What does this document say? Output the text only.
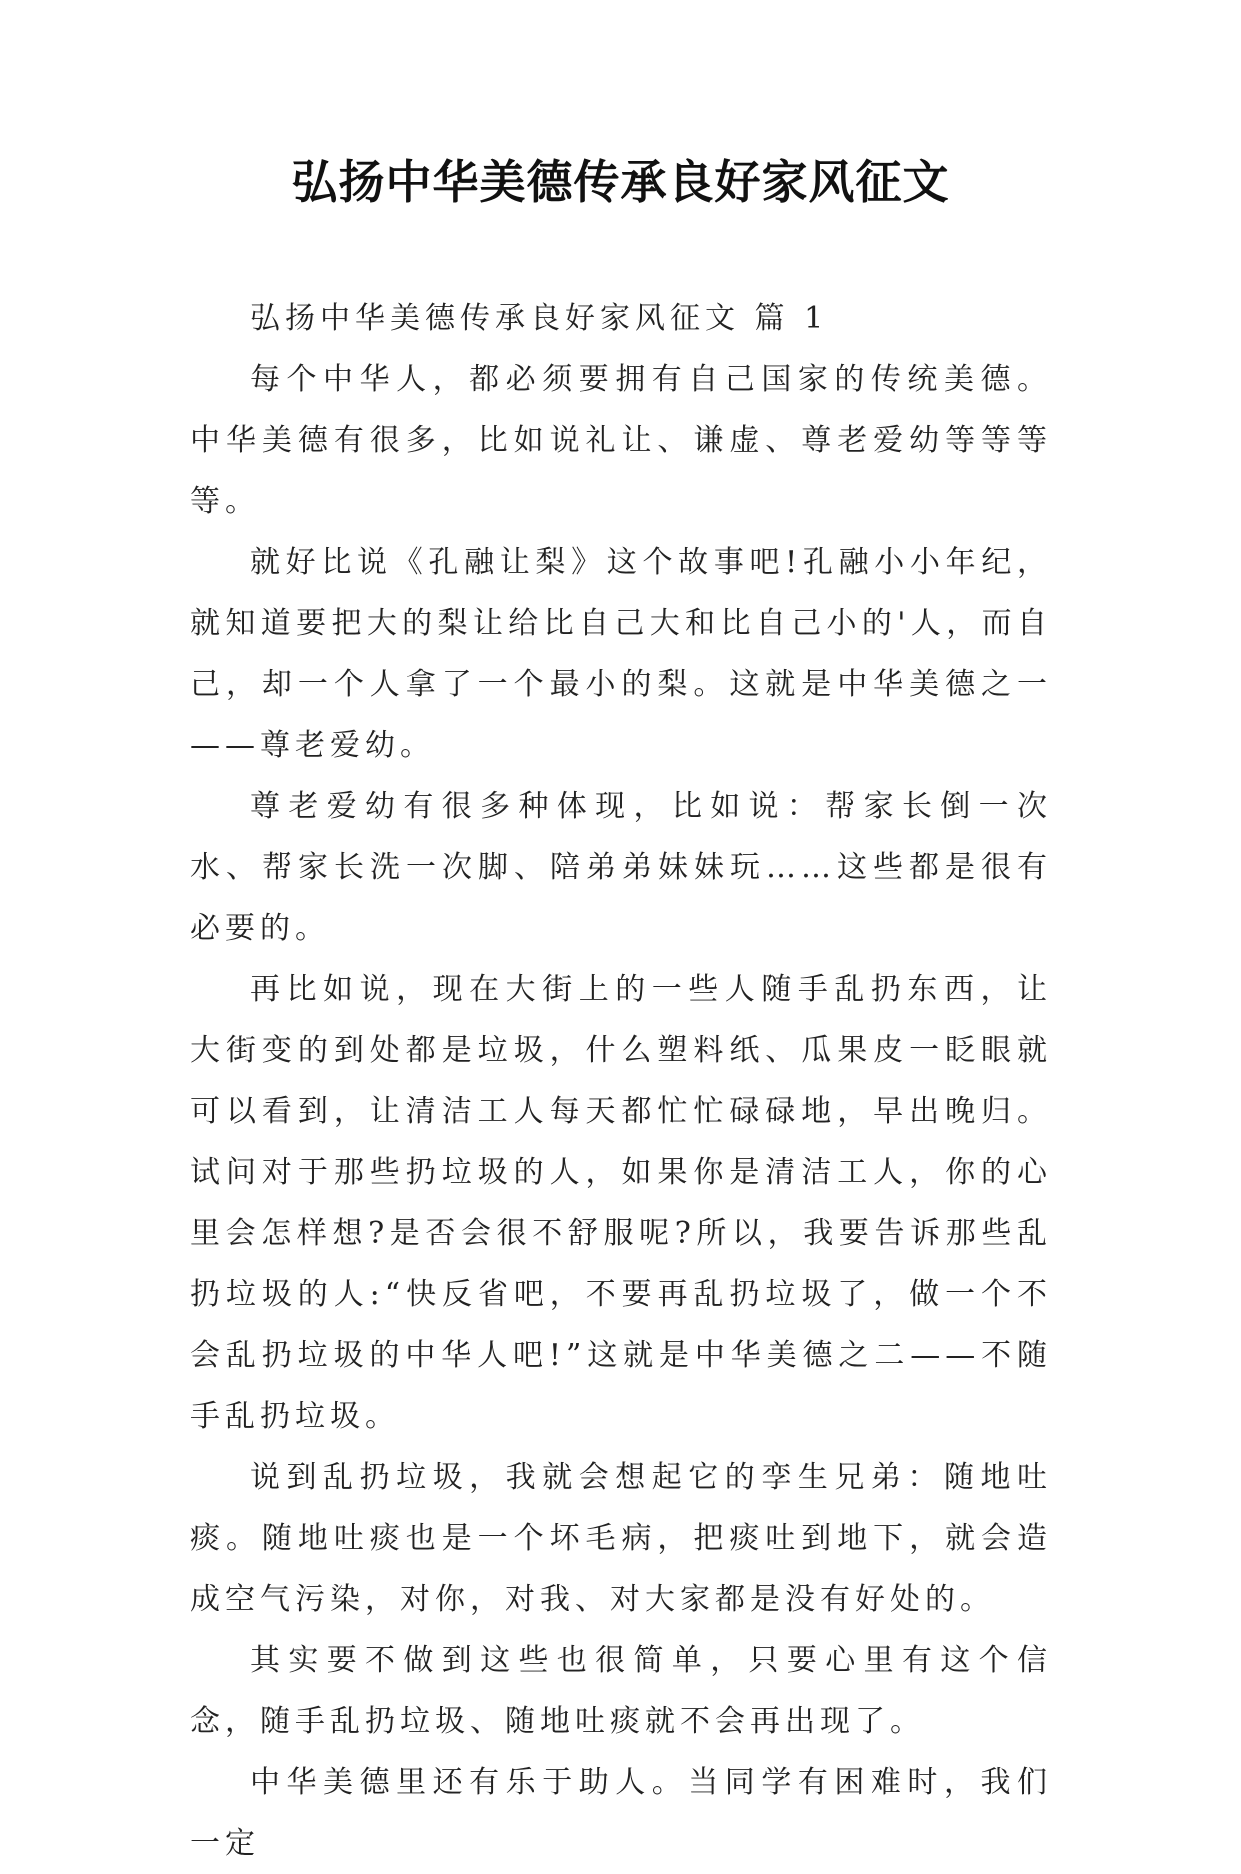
弘扬中华美德传承良好家风征文

弘扬中华美德传承良好家风征文 篇 1

每个中华人，都必须要拥有自己国家的传统美德。中华美德有很多，比如说礼让、谦虚、尊老爱幼等等等等。

就好比说《孔融让梨》这个故事吧!孔融小小年纪，就知道要把大的梨让给比自己大和比自己小的'人，而自己，却一个人拿了一个最小的梨。这就是中华美德之一——尊老爱幼。

尊老爱幼有很多种体现，比如说：帮家长倒一次水、帮家长洗一次脚、陪弟弟妹妹玩……这些都是很有必要的。

再比如说，现在大街上的一些人随手乱扔东西，让大街变的到处都是垃圾，什么塑料纸、瓜果皮一眨眼就可以看到，让清洁工人每天都忙忙碌碌地，早出晚归。试问对于那些扔垃圾的人，如果你是清洁工人，你的心里会怎样想?是否会很不舒服呢?所以，我要告诉那些乱扔垃圾的人:“快反省吧，不要再乱扔垃圾了，做一个不会乱扔垃圾的中华人吧!”这就是中华美德之二——不随手乱扔垃圾。

说到乱扔垃圾，我就会想起它的孪生兄弟：随地吐痰。随地吐痰也是一个坏毛病，把痰吐到地下，就会造成空气污染，对你，对我、对大家都是没有好处的。

其实要不做到这些也很简单，只要心里有这个信念，随手乱扔垃圾、随地吐痰就不会再出现了。

中华美德里还有乐于助人。当同学有困难时，我们一定
